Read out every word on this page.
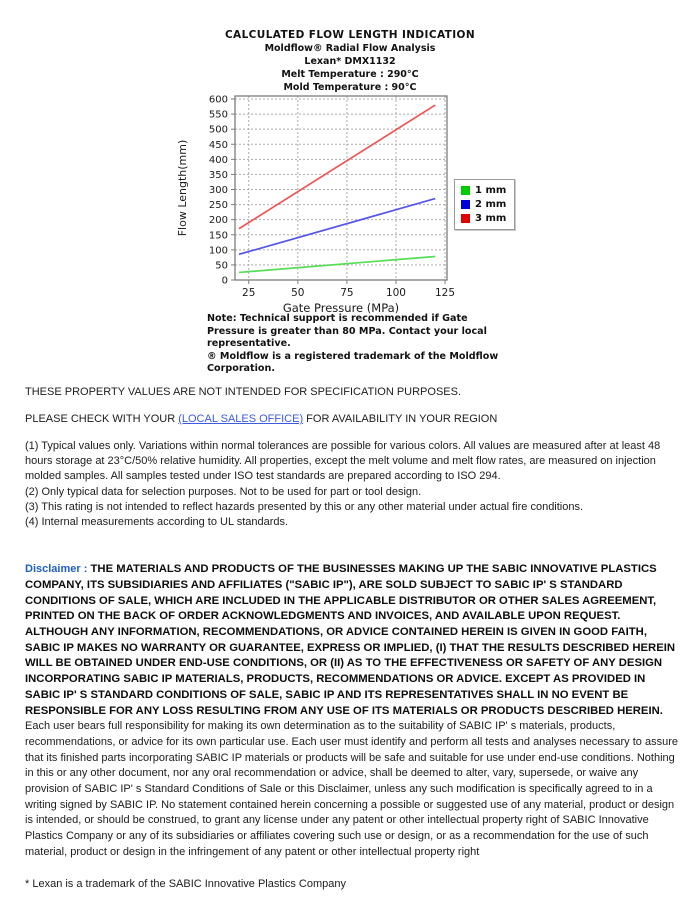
CALCULATED FLOW LENGTH INDICATION
Moldflow® Radial Flow Analysis
Lexan* DMX1132
Melt Temperature : 290°C
Mold Temperature : 90°C
0
50
100
150
200
250
300
350
400
450
500
550
600
25	50	75	100	125
Flow Length(mm)
Gate Pressure (MPa)
1 mm
2 mm
3 mm
Note: Technical support is recommended if Gate
Pressure is greater than 80 MPa. Contact your local
representative.
® Moldflow is a registered trademark of the Moldflow
Corporation.
THESE PROPERTY VALUES ARE NOT INTENDED FOR SPECIFICATION PURPOSES.
PLEASE CHECK WITH YOUR (LOCAL SALES OFFICE) FOR AVAILABILITY IN YOUR REGION
(1) Typical values only. Variations within normal tolerances are possible for various colors. All values are measured after at least 48 hours storage at 23°C/50% relative humidity. All properties, except the melt volume and melt flow rates, are measured on injection molded samples. All samples tested under ISO test standards are prepared according to ISO 294.
(2) Only typical data for selection purposes. Not to be used for part or tool design.
(3) This rating is not intended to reflect hazards presented by this or any other material under actual fire conditions.
(4) Internal measurements according to UL standards.
Disclaimer : THE MATERIALS AND PRODUCTS OF THE BUSINESSES MAKING UP THE SABIC INNOVATIVE PLASTICS COMPANY, ITS SUBSIDIARIES AND AFFILIATES ("SABIC IP"), ARE SOLD SUBJECT TO SABIC IP' S STANDARD CONDITIONS OF SALE, WHICH ARE INCLUDED IN THE APPLICABLE DISTRIBUTOR OR OTHER SALES AGREEMENT, PRINTED ON THE BACK OF ORDER ACKNOWLEDGMENTS AND INVOICES, AND AVAILABLE UPON REQUEST. ALTHOUGH ANY INFORMATION, RECOMMENDATIONS, OR ADVICE CONTAINED HEREIN IS GIVEN IN GOOD FAITH, SABIC IP MAKES NO WARRANTY OR GUARANTEE, EXPRESS OR IMPLIED, (I) THAT THE RESULTS DESCRIBED HEREIN WILL BE OBTAINED UNDER END-USE CONDITIONS, OR (II) AS TO THE EFFECTIVENESS OR SAFETY OF ANY DESIGN INCORPORATING SABIC IP MATERIALS, PRODUCTS, RECOMMENDATIONS OR ADVICE. EXCEPT AS PROVIDED IN SABIC IP' S STANDARD CONDITIONS OF SALE, SABIC IP AND ITS REPRESENTATIVES SHALL IN NO EVENT BE RESPONSIBLE FOR ANY LOSS RESULTING FROM ANY USE OF ITS MATERIALS OR PRODUCTS DESCRIBED HEREIN. Each user bears full responsibility for making its own determination as to the suitability of SABIC IP' s materials, products, recommendations, or advice for its own particular use. Each user must identify and perform all tests and analyses necessary to assure that its finished parts incorporating SABIC IP materials or products will be safe and suitable for use under end-use conditions. Nothing in this or any other document, nor any oral recommendation or advice, shall be deemed to alter, vary, supersede, or waive any provision of SABIC IP' s Standard Conditions of Sale or this Disclaimer, unless any such modification is specifically agreed to in a writing signed by SABIC IP. No statement contained herein concerning a possible or suggested use of any material, product or design is intended, or should be construed, to grant any license under any patent or other intellectual property right of SABIC Innovative Plastics Company or any of its subsidiaries or affiliates covering such use or design, or as a recommendation for the use of such material, product or design in the infringement of any patent or other intellectual property right
* Lexan is a trademark of the SABIC Innovative Plastics Company
